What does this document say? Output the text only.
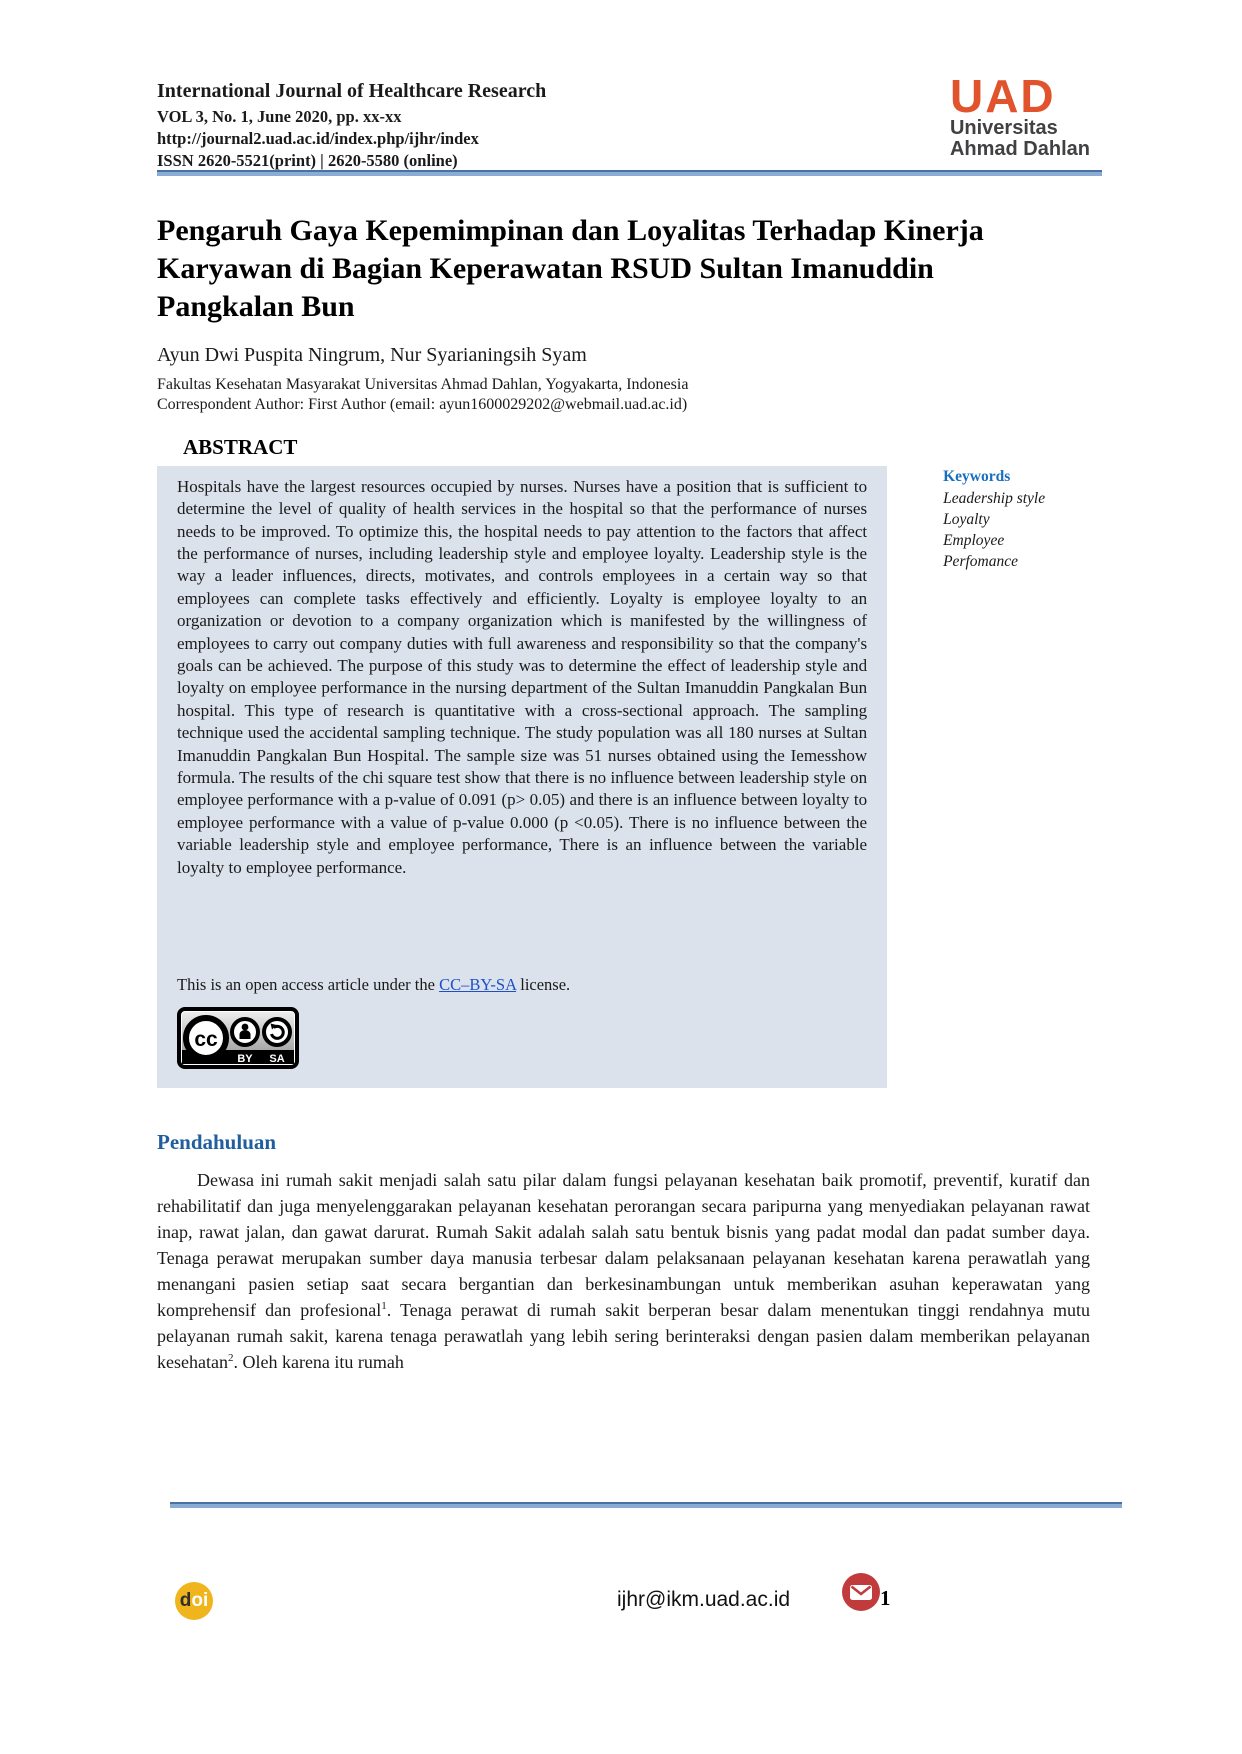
International Journal of Healthcare Research
VOL 3, No. 1, June 2020, pp. xx-xx
http://journal2.uad.ac.id/index.php/ijhr/index
ISSN 2620-5521(print) | 2620-5580 (online)
UAD
Universitas
Ahmad Dahlan
Pengaruh Gaya Kepemimpinan dan Loyalitas Terhadap Kinerja Karyawan di Bagian Keperawatan RSUD Sultan Imanuddin Pangkalan Bun
Ayun Dwi Puspita Ningrum, Nur Syarianingsih Syam
Fakultas Kesehatan Masyarakat Universitas Ahmad Dahlan, Yogyakarta, Indonesia
Correspondent Author: First Author (email: ayun1600029202@webmail.uad.ac.id)
ABSTRACT

Hospitals have the largest resources occupied by nurses. Nurses have a position that is sufficient to determine the level of quality of health services in the hospital so that the performance of nurses needs to be improved. To optimize this, the hospital needs to pay attention to the factors that affect the performance of nurses, including leadership style and employee loyalty. Leadership style is the way a leader influences, directs, motivates, and controls employees in a certain way so that employees can complete tasks effectively and efficiently. Loyalty is employee loyalty to an organization or devotion to a company organization which is manifested by the willingness of employees to carry out company duties with full awareness and responsibility so that the company's goals can be achieved. The purpose of this study was to determine the effect of leadership style and loyalty on employee performance in the nursing department of the Sultan Imanuddin Pangkalan Bun hospital. This type of research is quantitative with a cross-sectional approach. The sampling technique used the accidental sampling technique. The study population was all 180 nurses at Sultan Imanuddin Pangkalan Bun Hospital. The sample size was 51 nurses obtained using the Iemesshow formula. The results of the chi square test show that there is no influence between leadership style on employee performance with a p-value of 0.091 (p> 0.05) and there is an influence between loyalty to employee performance with a value of p-value 0.000 (p <0.05). There is no influence between the variable leadership style and employee performance, There is an influence between the variable loyalty to employee performance.

This is an open access article under the CC–BY-SA license.

cc
BY SA
Keywords
Leadership style
Loyalty
Employee
Perfomance
Pendahuluan

Dewasa ini rumah sakit menjadi salah satu pilar dalam fungsi pelayanan kesehatan baik promotif, preventif, kuratif dan rehabilitatif dan juga menyelenggarakan pelayanan kesehatan perorangan secara paripurna yang menyediakan pelayanan rawat inap, rawat jalan, dan gawat darurat. Rumah Sakit adalah salah satu bentuk bisnis yang padat modal dan padat sumber daya. Tenaga perawat merupakan sumber daya manusia terbesar dalam pelaksanaan pelayanan kesehatan karena perawatlah yang menangani pasien setiap saat secara bergantian dan berkesinambungan untuk memberikan asuhan keperawatan yang komprehensif dan profesional$^1$. Tenaga perawat di rumah sakit berperan besar dalam menentukan tinggi rendahnya mutu pelayanan rumah sakit, karena tenaga perawatlah yang lebih sering berinteraksi dengan pasien dalam memberikan pelayanan kesehatan$^2$. Oleh karena itu rumah

d oi	ijhr@ikm.uad.ac.id	1
